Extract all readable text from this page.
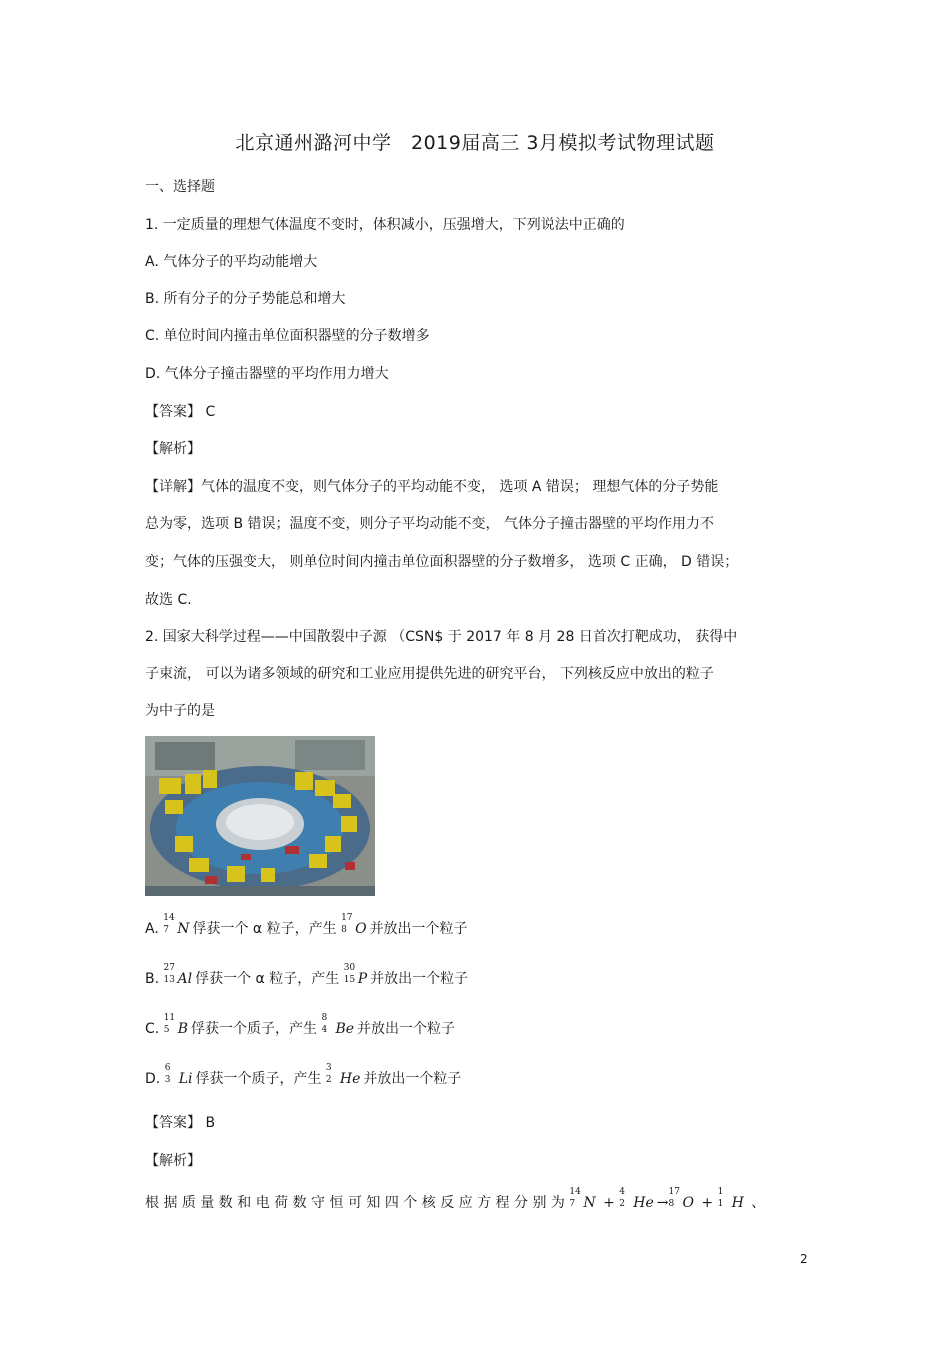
北京通州潞河中学　2019届高三 3月模拟考试物理试题
一、选择题
1. 一定质量的理想气体温度不变时，体积减小，压强增大，下列说法中正确的
A. 气体分子的平均动能增大
B. 所有分子的分子势能总和增大
C. 单位时间内撞击单位面积器壁的分子数增多
D. 气体分子撞击器壁的平均作用力增大
【答案】 C
【解析】
【详解】气体的温度不变，则气体分子的平均动能不变， 选项 A 错误； 理想气体的分子势能
总为零，选项 B 错误；温度不变，则分子平均动能不变， 气体分子撞击器壁的平均作用力不
变；气体的压强变大， 则单位时间内撞击单位面积器壁的分子数增多， 选项 C 正确， D 错误；
故选 C.
2. 国家大科学过程——中国散裂中子源 （CSN$ 于 2017 年 8 月 28 日首次打靶成功， 获得中
子束流， 可以为诸多领域的研究和工业应用提供先进的研究平台， 下列核反应中放出的粒子
为中子的是
A.
14
7 N 俘获一个 α 粒子，产生
17
8 O 并放出一个粒子
B.
27
13 Al 俘获一个 α 粒子，产生
30
15 P 并放出一个粒子
C.
11
5 B 俘获一个质子，产生
8
4 Be 并放出一个粒子
D.
6
3 Li 俘获一个质子，产生
3
2 He 并放出一个粒子
【答案】 B
【解析】
根 据 质 量 数 和 电 荷 数 守 恒 可 知 四 个 核 反 应 方 程 分 别 为
14
7 N +
4
2 He →
17
8 O +
1
1 H 、
2
